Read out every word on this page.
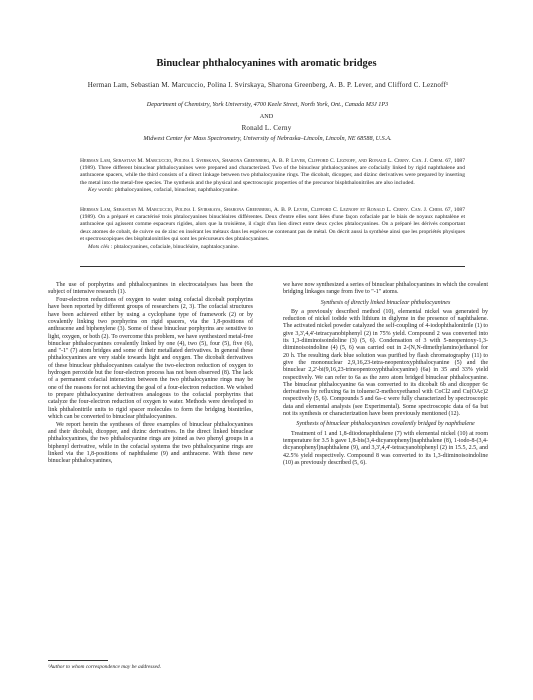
Binuclear phthalocyanines with aromatic bridges
Herman Lam, Sebastian M. Marcuccio, Polina I. Svirskaya, Sharona Greenberg, A. B. P. Lever, and Clifford C. Leznoff¹
Department of Chemistry, York University, 4700 Keele Street, North York, Ont., Canada M3J 1P3
AND
Ronald L. Cerny
Midwest Center for Mass Spectrometry, University of Nebraska–Lincoln, Lincoln, NE 68588, U.S.A.
Herman Lam, Sebastian M. Marcuccio, Polina I. Svirskaya, Sharona Greenberg, A. B. P. Lever, Clifford C. Leznoff, and Ronald L. Cerny. Can. J. Chem. 67, 1087 (1989). Three different binuclear phthalocyanines were prepared and characterized. Two of the binuclear phthalocyanines are cofacially linked by rigid naphthalene and anthracene spacers, while the third consists of a direct linkage between two phthalocyanine rings. The dicobalt, dicopper, and dizinc derivatives were prepared by inserting the metal into the metal-free species. The synthesis and the physical and spectroscopic properties of the precursor bisphthalonitriles are also included.
Key words: phthalocyanines, cofacial, binuclear, naphthalocyanine.
Herman Lam, Sebastian M. Marcuccio, Polina I. Svirskaya, Sharona Greenberg, A. B. P. Lever, Clifford C. Leznoff et Ronald L. Cerny. Can. J. Chem. 67, 1087 (1989). On a préparé et caractérisé trois phtalocyanines binucléaires différentes. Deux d'entre elles sont liées d'une façon cofaciale par le biais de noyaux naphtalène et anthracène qui agissent comme espaceurs rigides, alors que la troisième, il s'agit d'un lien direct entre deux cycles phtalocyanines. On a préparé les dérivés comportant deux atomes de cobalt, de cuivre ou de zinc en insérant les métaux dans les espèces ne contenant pas de métal. On décrit aussi la synthèse ainsi que les propriétés physiques et spectroscopiques des bisphtalonitriles qui sont les précurseurs des phtalocyanines.
Mots clés : phtalocyanines, cofaciale, binucléaire, naphtalocyanine.

The use of porphyrins and phthalocyanines in electrocatalyses has been the subject of intensive research (1).

Four-electron reductions of oxygen to water using cofacial dicobalt porphyrins have been reported by different groups of researchers (2, 3). The cofacial structures have been achieved either by using a cyclophane type of framework (2) or by covalently linking two porphyrins on rigid spacers, via the 1,8-positions of anthracene and biphenylene (3). Some of these binuclear porphyrins are sensitive to light, oxygen, or both (2). To overcome this problem, we have synthesized metal-free binuclear phthalocyanines covalently linked by one (4), two (5), four (5), five (6), and "-1" (7) atom bridges and some of their metallated derivatives. In general these phthalocyanines are very stable towards light and oxygen. The dicobalt derivatives of these binuclear phthalocyanines catalyse the two-electron reduction of oxygen to hydrogen peroxide but the four-electron process has not been observed (8). The lack of a permanent cofacial interaction between the two phthalocyanine rings may be one of the reasons for not achieving the goal of a four-electron reduction. We wished to prepare phthalocyanine derivatives analogous to the cofacial porphyrins that catalyze the four-electron reduction of oxygen to water. Methods were developed to link phthalonitrile units to rigid spacer molecules to form the bridging bisnitriles, which can be converted to binuclear phthalocyanines.

We report herein the syntheses of three examples of binuclear phthalocyanines and their dicobalt, dicopper, and dizinc derivatives. In the direct linked binuclear phthalocyanines, the two phthalocyanine rings are joined as two phenyl groups in a biphenyl derivative, while in the cofacial systems the two phthalocyanine rings are linked via the 1,8-positions of naphthalene (9) and anthracene. With these new binuclear phthalocyanines,

¹Author to whom correspondence may be addressed.

we have now synthesized a series of binuclear phthalocyanines in which the covalent bridging linkages range from five to "-1" atoms.

Synthesis of directly linked binuclear phthalocyanines

By a previously described method (10), elemental nickel was generated by reduction of nickel iodide with lithium in diglyme in the presence of naphthalene. The activated nickel powder catalyzed the self-coupling of 4-iodophthalonitrile (1) to give 3,3',4,4'-tetracyanobiphenyl (2) in 75% yield. Compound 2 was converted into its 1,3-diiminoisoindoline (3) (5, 6). Condensation of 3 with 5-neopentoxy-1,3-diiminoisoindoline (4) (5, 6) was carried out in 2-(N,N-dimethylamino)ethanol for 20 h. The resulting dark blue solution was purified by flash chromatography (11) to give the mononuclear 2,9,16,23-tetra-neopentoxyphthalocyanine (5) and the binuclear 2,2'-bi(9,16,23-trineopentoxyphthalocyanine) (6a) in 35 and 33% yield respectively. We can refer to 6a as the zero atom bridged binuclear phthalocyanine. The binuclear phthalocyanine 6a was converted to its dicobalt 6b and dicopper 6c derivatives by refluxing 6a in toluene/2-methoxyethanol with CoCl2 and Cu(OAc)2 respectively (5, 6). Compounds 5 and 6a–c were fully characterized by spectroscopic data and elemental analysis (see Experimental). Some spectroscopic data of 6a but not its synthesis or characterization have been previously mentioned (12).

Synthesis of binuclear phthalocyanines covalently bridged by naphthalene

Treatment of 1 and 1,8-diiodonaphthalene (7) with elemental nickel (10) at room temperature for 3.5 h gave 1,8-bis(3,4-dicyanophenyl)naphthalene (8), 1-iodo-8-(3,4-dicyanophenyl)naphthalene (9), and 3,3',4,4'-tetracyanobiphenyl (2) in 15.5, 2.5, and 42.5% yield respectively. Compound 8 was converted to its 1,3-diiminoisoindoline (10) as previously described (5, 6).
